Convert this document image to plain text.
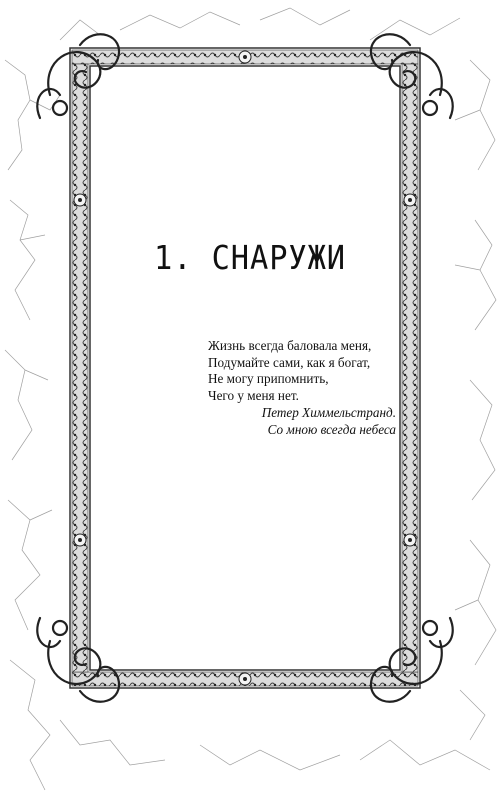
1. СНАРУЖИ
Жизнь всегда баловала меня,
Подумайте сами, как я богат,
Не могу припомнить,
Чего у меня нет.
Петер Химмельстранд.
Со мною всегда небеса
